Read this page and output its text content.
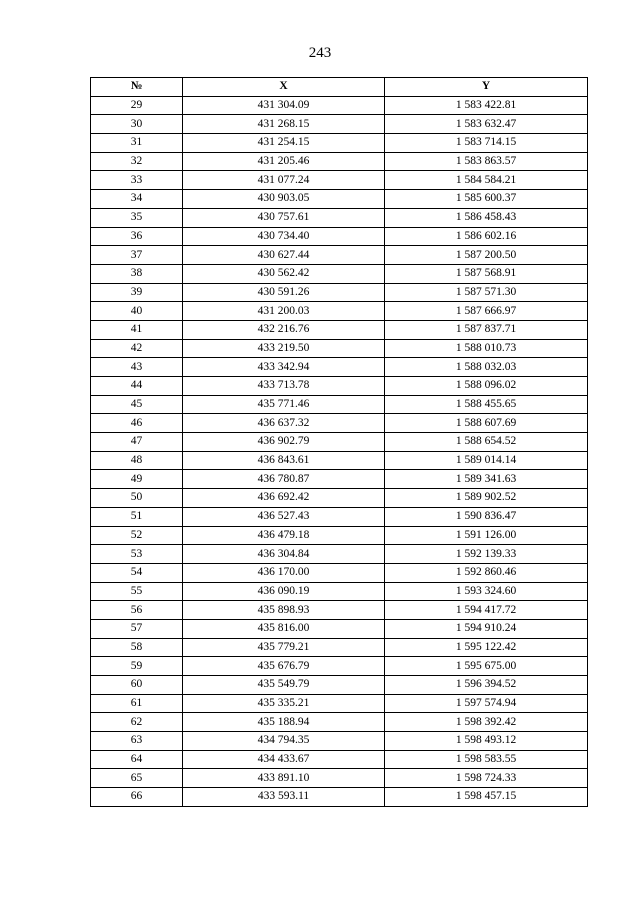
243
№	X	Y
29	431 304.09	1 583 422.81
30	431 268.15	1 583 632.47
31	431 254.15	1 583 714.15
32	431 205.46	1 583 863.57
33	431 077.24	1 584 584.21
34	430 903.05	1 585 600.37
35	430 757.61	1 586 458.43
36	430 734.40	1 586 602.16
37	430 627.44	1 587 200.50
38	430 562.42	1 587 568.91
39	430 591.26	1 587 571.30
40	431 200.03	1 587 666.97
41	432 216.76	1 587 837.71
42	433 219.50	1 588 010.73
43	433 342.94	1 588 032.03
44	433 713.78	1 588 096.02
45	435 771.46	1 588 455.65
46	436 637.32	1 588 607.69
47	436 902.79	1 588 654.52
48	436 843.61	1 589 014.14
49	436 780.87	1 589 341.63
50	436 692.42	1 589 902.52
51	436 527.43	1 590 836.47
52	436 479.18	1 591 126.00
53	436 304.84	1 592 139.33
54	436 170.00	1 592 860.46
55	436 090.19	1 593 324.60
56	435 898.93	1 594 417.72
57	435 816.00	1 594 910.24
58	435 779.21	1 595 122.42
59	435 676.79	1 595 675.00
60	435 549.79	1 596 394.52
61	435 335.21	1 597 574.94
62	435 188.94	1 598 392.42
63	434 794.35	1 598 493.12
64	434 433.67	1 598 583.55
65	433 891.10	1 598 724.33
66	433 593.11	1 598 457.15
